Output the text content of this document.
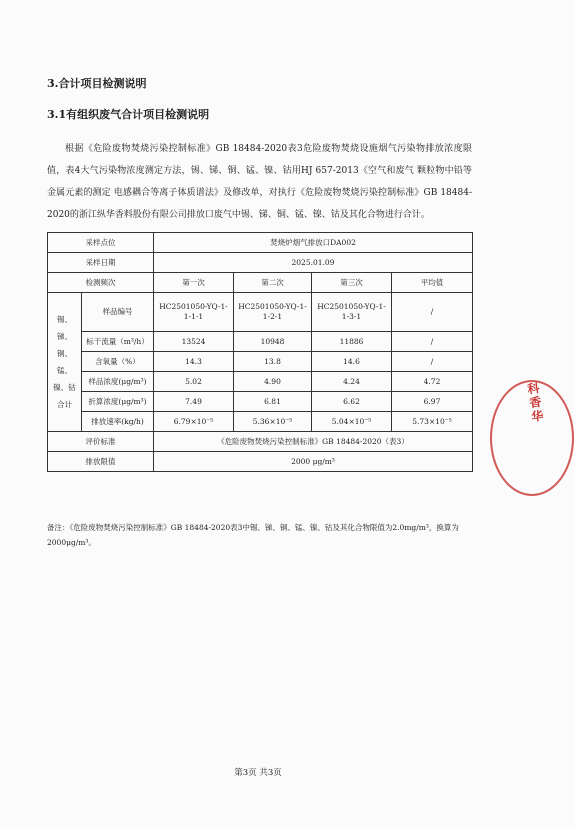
3.合计项目检测说明
3.1有组织废气合计项目检测说明
根据《危险废物焚烧污染控制标准》GB 18484-2020表3危险废物焚烧设施烟气污染物排放浓度限值，表4大气污染物浓度测定方法，锡、锑、铜、锰、镍、钴用HJ 657-2013《空气和废气 颗粒物中铅等金属元素的测定 电感耦合等离子体质谱法》及修改单，对执行《危险废物焚烧污染控制标准》GB 18484-2020的浙江纵华香料股份有限公司排放口废气中锡、锑、铜、锰、镍、钴及其化合物进行合计。
采样点位		焚烧炉烟气排放口DA002			
采样日期		2025.01.09			
检测频次		第一次	第二次	第三次	平均值
锡、锑、铜、锰、镍、钴合计	样品编号	HC2501050-YQ-1-1-1-1	HC2501050-YQ-1-1-2-1	HC2501050-YQ-1-1-3-1	/
	标干流量（m³/h）	13524	10948	11886	/
	含氧量（%）	14.3	13.8	14.6	/
	样品浓度(μg/m³)	5.02	4.90	4.24	4.72
	折算浓度(μg/m³)	7.49	6.81	6.62	6.97
	排放速率(kg/h)	6.79×10⁻⁵	5.36×10⁻⁵	5.04×10⁻⁵	5.73×10⁻⁵
评价标准		《危险废物焚烧污染控制标准》GB 18484-2020（表3）			
排放限值		2000 μg/m³			
备注：《危险废物焚烧污染控制标准》GB 18484-2020表3中锡、锑、铜、锰、镍、钴及其化合物限值为2.0mg/m³，换算为2000μg/m³。
科香华
第3页 共3页
